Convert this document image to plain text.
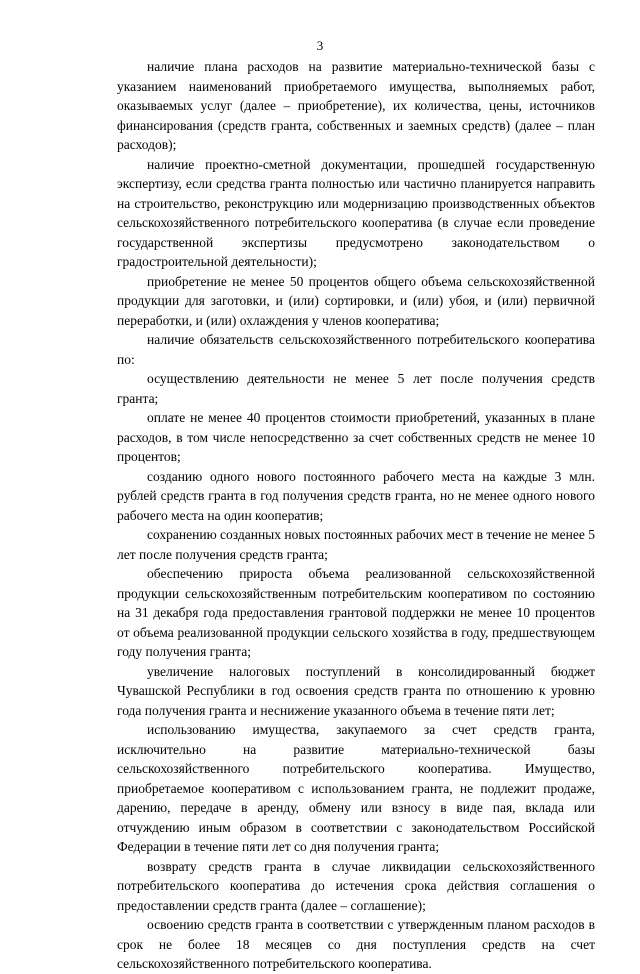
3

наличие плана расходов на развитие материально-технической базы с указанием наименований приобретаемого имущества, выполняемых работ, оказываемых услуг (далее – приобретение), их количества, цены, источников финансирования (средств гранта, собственных и заемных средств) (далее – план расходов);

наличие проектно-сметной документации, прошедшей государственную экспертизу, если средства гранта полностью или частично планируется направить на строительство, реконструкцию или модернизацию производственных объектов сельскохозяйственного потребительского кооператива (в случае если проведение государственной экспертизы предусмотрено законодательством о градостроительной деятельности);

приобретение не менее 50 процентов общего объема сельскохозяйственной продукции для заготовки, и (или) сортировки, и (или) убоя, и (или) первичной переработки, и (или) охлаждения у членов кооператива;

наличие обязательств сельскохозяйственного потребительского кооператива по:

осуществлению деятельности не менее 5 лет после получения средств гранта;

оплате не менее 40 процентов стоимости приобретений, указанных в плане расходов, в том числе непосредственно за счет собственных средств не менее 10 процентов;

созданию одного нового постоянного рабочего места на каждые 3 млн. рублей средств гранта в год получения средств гранта, но не менее одного нового рабочего места на один кооператив;

сохранению созданных новых постоянных рабочих мест в течение не менее 5 лет после получения средств гранта;

обеспечению прироста объема реализованной сельскохозяйственной продукции сельскохозяйственным потребительским кооперативом по состоянию на 31 декабря года предоставления грантовой поддержки не менее 10 процентов от объема реализованной продукции сельского хозяйства в году, предшествующем году получения гранта;

увеличение налоговых поступлений в консолидированный бюджет Чувашской Республики в год освоения средств гранта по отношению к уровню года получения гранта и неснижение указанного объема в течение пяти лет;

использованию имущества, закупаемого за счет средств гранта, исключительно на развитие материально-технической базы сельскохозяйственного потребительского кооператива. Имущество, приобретаемое кооперативом с использованием гранта, не подлежит продаже, дарению, передаче в аренду, обмену или взносу в виде пая, вклада или отчуждению иным образом в соответствии с законодательством Российской Федерации в течение пяти лет со дня получения гранта;

возврату средств гранта в случае ликвидации сельскохозяйственного потребительского кооператива до истечения срока действия соглашения о предоставлении средств гранта (далее – соглашение);

освоению средств гранта в соответствии с утвержденным планом расходов в срок не более 18 месяцев со дня поступления средств на счет сельскохозяйственного потребительского кооператива.
